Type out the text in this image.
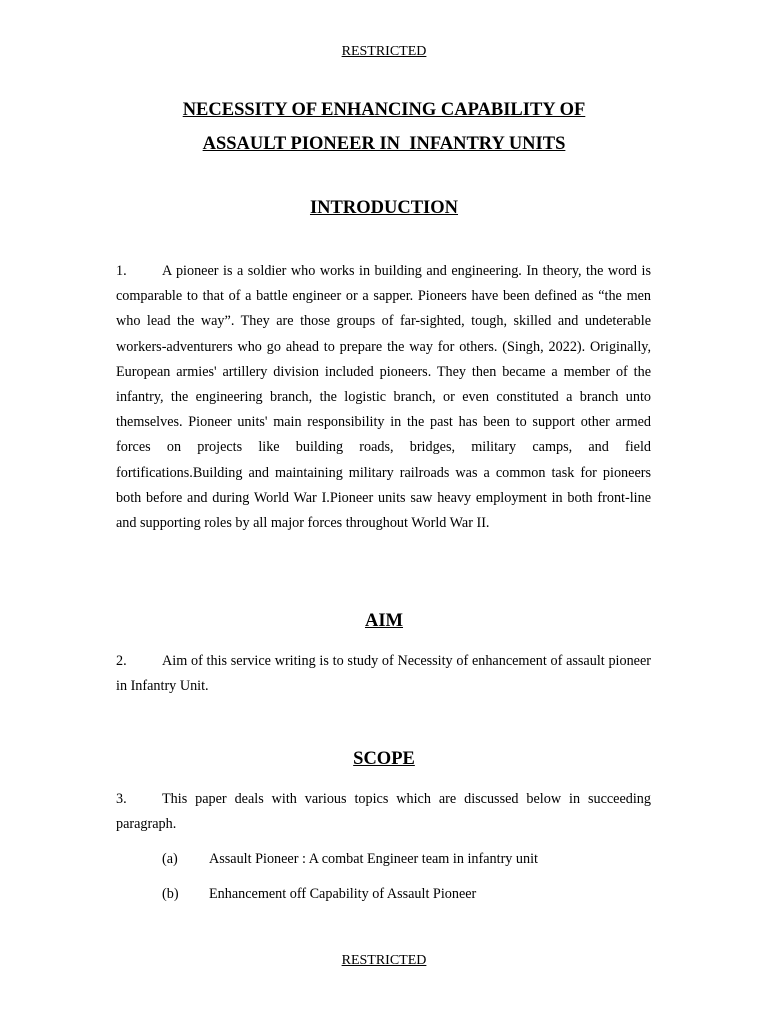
RESTRICTED
NECESSITY OF ENHANCING CAPABILITY OF
ASSAULT PIONEER IN  INFANTRY UNITS
INTRODUCTION
1. A pioneer is a soldier who works in building and engineering. In theory, the word is comparable to that of a battle engineer or a sapper. Pioneers have been defined as “the men who lead the way”. They are those groups of far-sighted, tough, skilled and undeterable workers-adventurers who go ahead to prepare the way for others. (Singh, 2022). Originally, European armies' artillery division included pioneers. They then became a member of the infantry, the engineering branch, the logistic branch, or even constituted a branch unto themselves. Pioneer units' main responsibility in the past has been to support other armed forces on projects like building roads, bridges, military camps, and field fortifications.Building and maintaining military railroads was a common task for pioneers both before and during World War I.Pioneer units saw heavy employment in both front-line and supporting roles by all major forces throughout World War II.
AIM
2. Aim of this service writing is to study of Necessity of enhancement of assault pioneer in Infantry Unit.
SCOPE
3. This paper deals with various topics which are discussed below in succeeding paragraph.
(a) Assault Pioneer : A combat Engineer team in infantry unit
(b) Enhancement off Capability of Assault Pioneer
RESTRICTED
